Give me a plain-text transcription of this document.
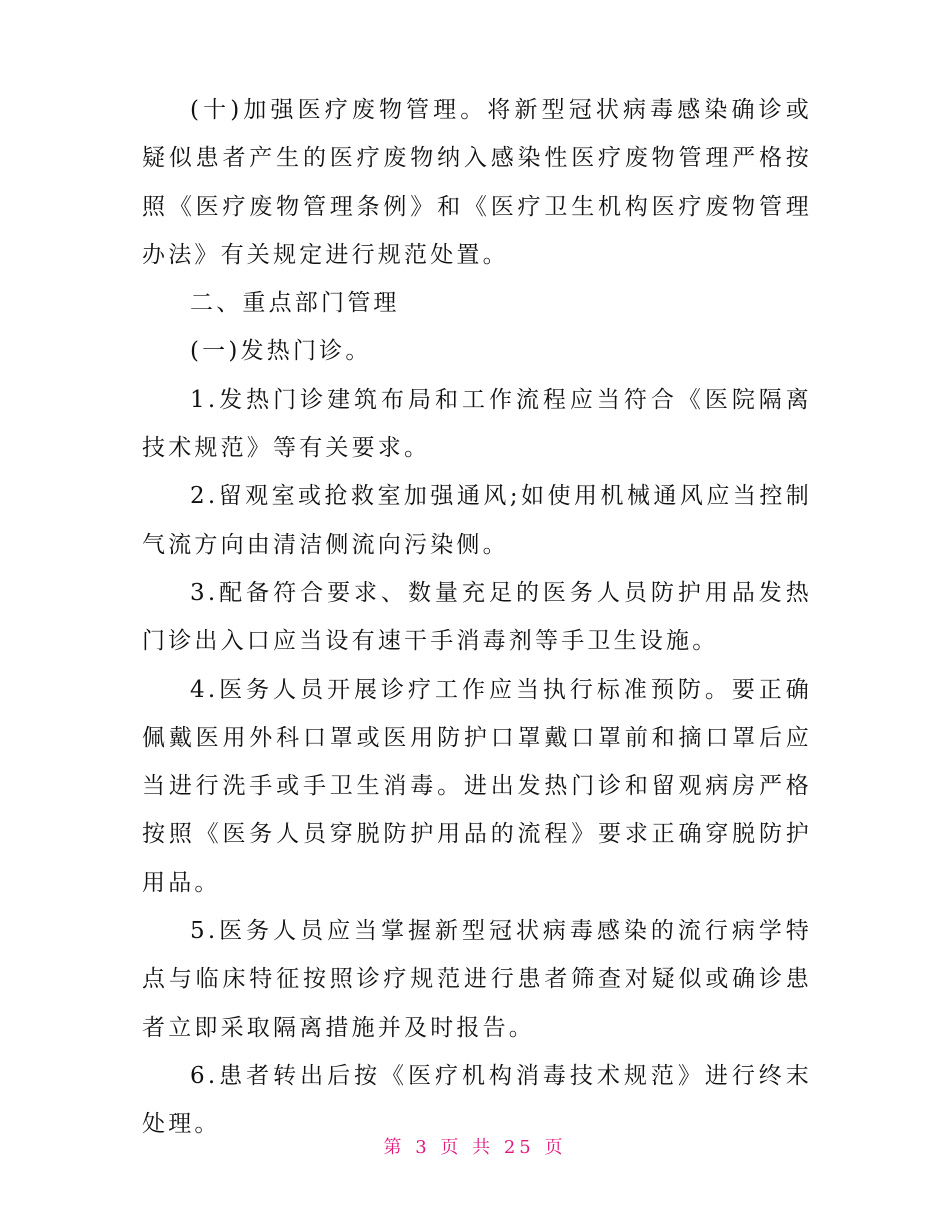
(十)加强医疗废物管理。将新型冠状病毒感染确诊或疑似患者产生的医疗废物纳入感染性医疗废物管理严格按照《医疗废物管理条例》和《医疗卫生机构医疗废物管理办法》有关规定进行规范处置。

二、重点部门管理

(一)发热门诊。

1.发热门诊建筑布局和工作流程应当符合《医院隔离技术规范》等有关要求。

2.留观室或抢救室加强通风;如使用机械通风应当控制气流方向由清洁侧流向污染侧。

3.配备符合要求、数量充足的医务人员防护用品发热门诊出入口应当设有速干手消毒剂等手卫生设施。

4.医务人员开展诊疗工作应当执行标准预防。要正确佩戴医用外科口罩或医用防护口罩戴口罩前和摘口罩后应当进行洗手或手卫生消毒。进出发热门诊和留观病房严格按照《医务人员穿脱防护用品的流程》要求正确穿脱防护用品。

5.医务人员应当掌握新型冠状病毒感染的流行病学特点与临床特征按照诊疗规范进行患者筛查对疑似或确诊患者立即采取隔离措施并及时报告。

6.患者转出后按《医疗机构消毒技术规范》进行终末处理。

第 3 页 共 25 页
